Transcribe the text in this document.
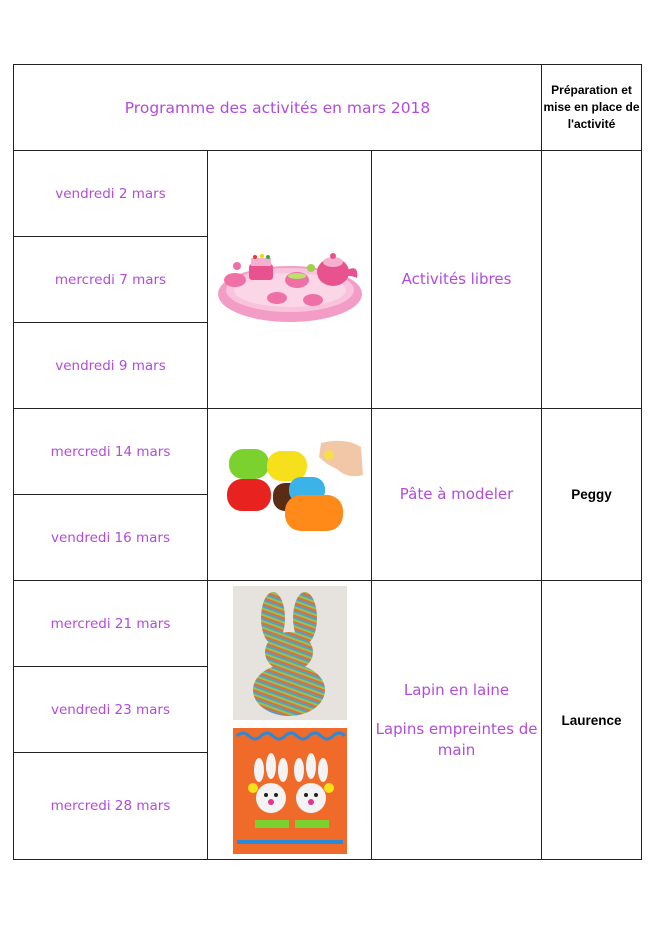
Programme des activités en mars 2018			Préparation et
mise en place de
l'activité

vendredi 2 mars		Activités libres	
mercredi 7 mars			
vendredi 9 mars			
mercredi 14 mars		Pâte à modeler	Peggy
vendredi 16 mars			
mercredi 21 mars		Lapin en laine
Lapins empreintes de
main	Laurence
vendredi 23 mars			
mercredi 28 mars			
